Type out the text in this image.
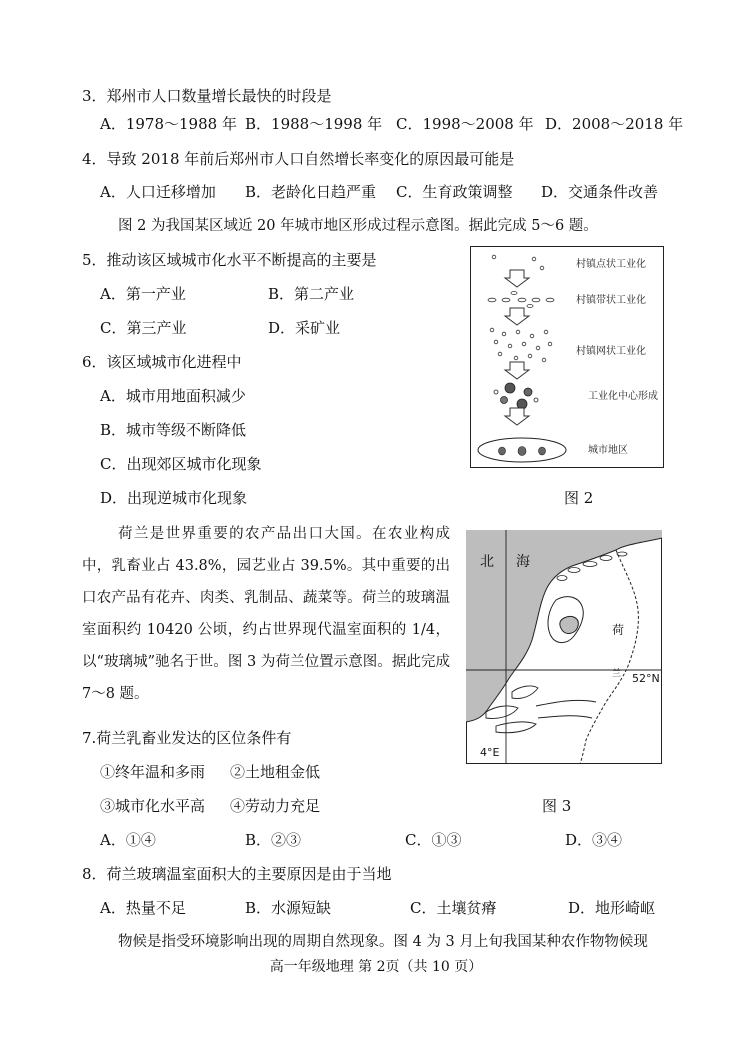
3．郑州市人口数量增长最快的时段是
A．1978～1988 年 B．1988～1998 年 C．1998～2008 年 D．2008～2018 年
4．导致 2018 年前后郑州市人口自然增长率变化的原因最可能是
A．人口迁移增加 B．老龄化日趋严重 C．生育政策调整 D．交通条件改善
图 2 为我国某区域近 20 年城市地区形成过程示意图。据此完成 5～6 题。
5．推动该区域城市化水平不断提高的主要是
A．第一产业	B．第二产业
C．第三产业	D．采矿业
6．该区域城市化进程中
A．城市用地面积减少
B．城市等级不断降低
C．出现郊区城市化现象
D．出现逆城市化现象
村镇点状工业化
村镇带状工业化
村镇网状工业化
工业化中心形成
城市地区
图 2
荷兰是世界重要的农产品出口大国。在农业构成中，乳畜业占 43.8%，园艺业占 39.5%。其中重要的出口农产品有花卉、肉类、乳制品、蔬菜等。荷兰的玻璃温室面积约 10420 公顷，约占世界现代温室面积的 1/4，以“玻璃城”驰名于世。图 3 为荷兰位置示意图。据此完成 7～8 题。
北 海
荷
兰 52°N
4°E
7.荷兰乳畜业发达的区位条件有
①终年温和多雨 ②土地租金低
③城市化水平高 ④劳动力充足	图 3
A．①④	B．②③	C．①③	D．③④
8．荷兰玻璃温室面积大的主要原因是由于当地
A．热量不足	B．水源短缺	C．土壤贫瘠	D．地形崎岖
物候是指受环境影响出现的周期自然现象。图 4 为 3 月上旬我国某种农作物物候现
高一年级地理 第 2页（共 10 页）
